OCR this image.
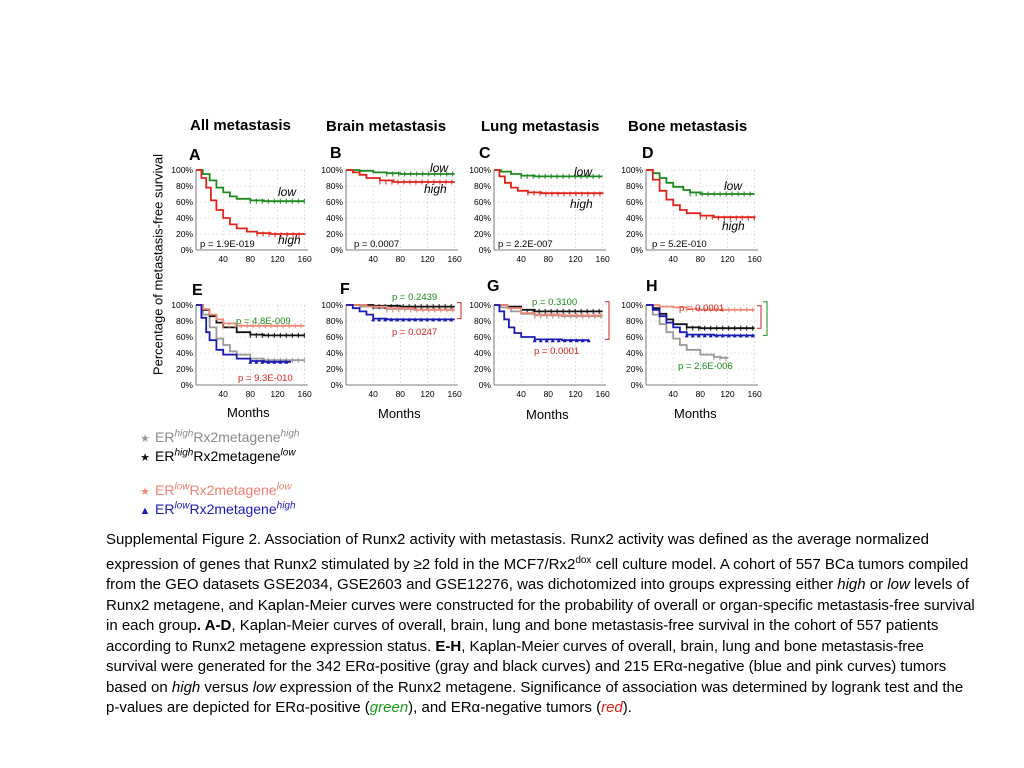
All metastasis Brain metastasis Lung metastasis Bone metastasis
Percentage of metastasis-free survival A
0%
20%
40%
60%
80%
100%
40 80 120 160
low
high
p = 1.9E-019
B
0%
20%
40%
60%
80%
100%
40 80 120 160
low
high
p = 0.0007
C
0%
20%
40%
60%
80%
100%
40 80 120 160
low
high
p = 2.2E-007
D
0%
20%
40%
60%
80%
100%
40 80 120 160
low
high
p = 5.2E-010
E
0%
20%
40%
60%
80%
100%
40 80 120 160
p = 4.8E-009
p = 9.3E-010
F
0%
20%
40%
60%
80%
100%
40 80 120 160
p = 0.2439
p = 0.0247
G
0%
20%
40%
60%
80%
100%
40 80 120 160
p = 0.3100
p = 0.0001
H
0%
20%
40%
60%
80%
100%
40 80 120 160
p = 0.0001
p = 2.6E-006
Months	Months	Months	Months
★ $ER^{high}Rx2metagene^{high}$
★ $ER^{high}Rx2metagene^{low}$
★ $ER^{low}Rx2metagene^{low}$
▲ $ER^{low}Rx2metagene^{high}$
Supplemental Figure 2. Association of Runx2 activity with metastasis. Runx2 activity was defined as the average normalized expression of genes that Runx2 stimulated by ≥2 fold in the $MCF7/Rx2^{dox}$ cell culture model. A cohort of 557 BCa tumors compiled from the GEO datasets GSE2034, GSE2603 and GSE12276, was dichotomized into groups expressing either high or low levels of Runx2 metagene, and Kaplan-Meier curves were constructed for the probability of overall or organ-specific metastasis-free survival in each group. A-D, Kaplan-Meier curves of overall, brain, lung and bone metastasis-free survival in the cohort of 557 patients according to Runx2 metagene expression status. E-H, Kaplan-Meier curves of overall, brain, lung and bone metastasis-free survival were generated for the 342 ERα-positive (gray and black curves) and 215 ERα-negative (blue and pink curves) tumors based on high versus low expression of the Runx2 metagene. Significance of association was determined by logrank test and the p-values are depicted for ERα-positive (green), and ERα-negative tumors (red).
